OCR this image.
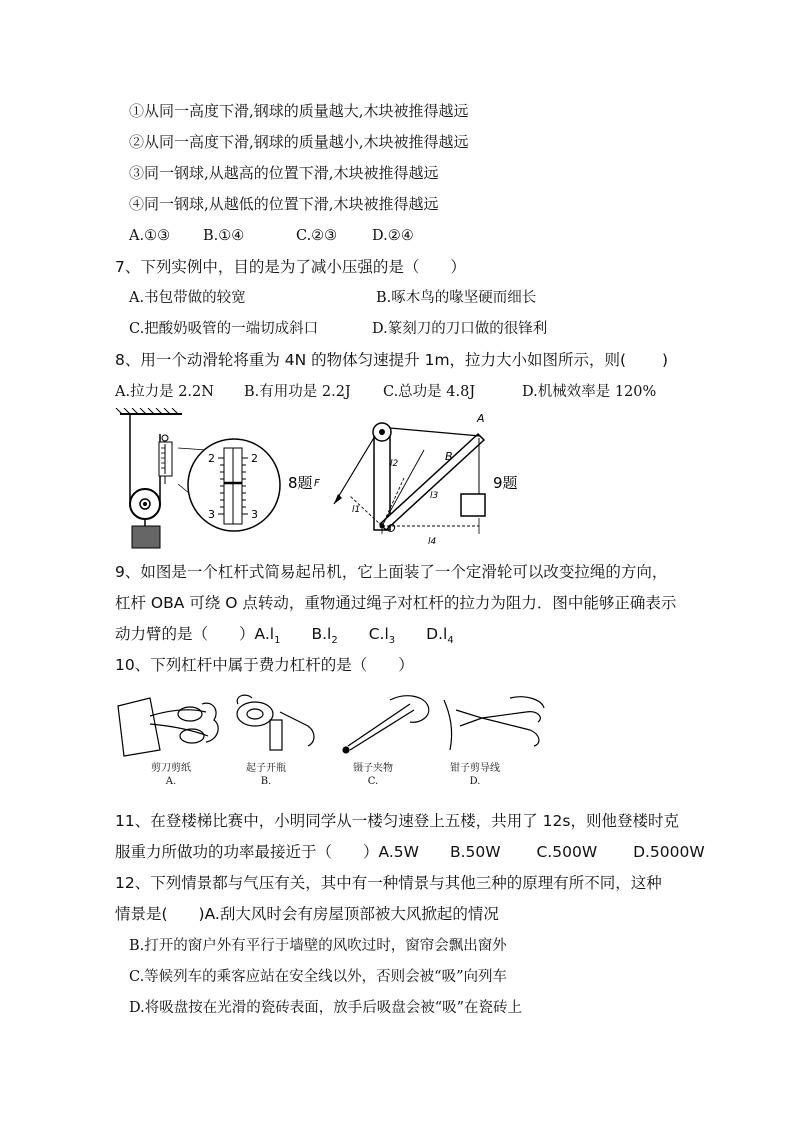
①从同一高度下滑,钢球的质量越大,木块被推得越远
②从同一高度下滑,钢球的质量越小,木块被推得越远
③同一钢球,从越高的位置下滑,木块被推得越远
④同一钢球,从越低的位置下滑,木块被推得越远
A.①③ B.①④	C.②③ D.②④
7、下列实例中，目的是为了减小压强的是（　　）
A.书包带做的较宽	B.啄木鸟的喙坚硬而细长
C.把酸奶吸管的一端切成斜口	D.篆刻刀的刀口做的很锋利
8、用一个动滑轮将重为 4N 的物体匀速提升 1m，拉力大小如图所示，则(　　 )
A.拉力是 2.2N B.有用功是 2.2J C.总功是 4.8J	D.机械效率是 120%
2	2
3	3
8题
O
A
B
F
l1
l2
l3
l4
9题
9、如图是一个杠杆式简易起吊机，它上面装了一个定滑轮可以改变拉绳的方向，
杠杆 OBA 可绕 O 点转动，重物通过绳子对杠杆的拉力为阻力．图中能够正确表示
动力臂的是（　　）$A.l_1$　　$B.l_2$　　$C.l_3$　　$D.l_4$
10、下列杠杆中属于费力杠杆的是（　　）
剪刀剪纸
A.
起子开瓶
B.
镊子夹物
C.
钳子剪导线
D.
11、在登楼梯比赛中，小明同学从一楼匀速登上五楼，共用了 12s，则他登楼时克
服重力所做功的功率最接近于（　　）A.5W　　B.50W　　 C.500W　　 D.5000W
12、下列情景都与气压有关，其中有一种情景与其他三种的原理有所不同，这种
情景是(　　)A.刮大风时会有房屋顶部被大风掀起的情况
B.打开的窗户外有平行于墙壁的风吹过时，窗帘会飘出窗外
C.等候列车的乘客应站在安全线以外，否则会被“吸”向列车
D.将吸盘按在光滑的瓷砖表面，放手后吸盘会被“吸”在瓷砖上
